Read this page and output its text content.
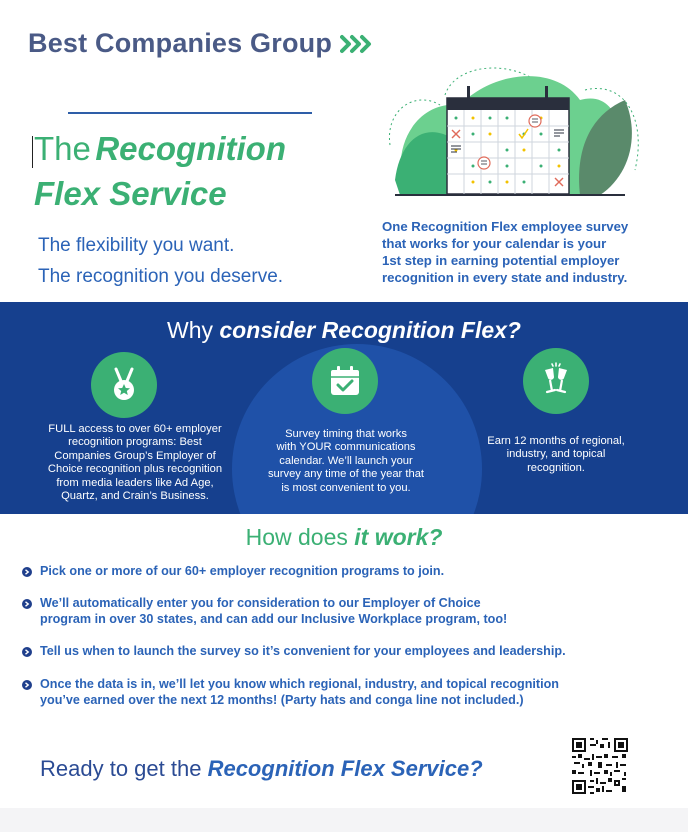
Best Companies Group
The Recognition
Flex Service
The flexibility you want.
The recognition you deserve.
One Recognition Flex employee survey
that works for your calendar is your
1st step in earning potential employer
recognition in every state and industry.
Why consider Recognition Flex?
FULL access to over 60+ employer
recognition programs: Best
Companies Group’s Employer of
Choice recognition plus recognition
from media leaders like Ad Age,
Quartz, and Crain’s Business.
Survey timing that works
with YOUR communications
calendar. We’ll launch your
survey any time of the year that
is most convenient to you.
Earn 12 months of regional,
industry, and topical
recognition.
How does it work?
Pick one or more of our 60+ employer recognition programs to join.
We’ll automatically enter you for consideration to our Employer of Choice
program in over 30 states, and can add our Inclusive Workplace program, too!
Tell us when to launch the survey so it’s convenient for your employees and leadership.
Once the data is in, we’ll let you know which regional, industry, and topical recognition
you’ve earned over the next 12 months! (Party hats and conga line not included.)
Ready to get the Recognition Flex Service?
